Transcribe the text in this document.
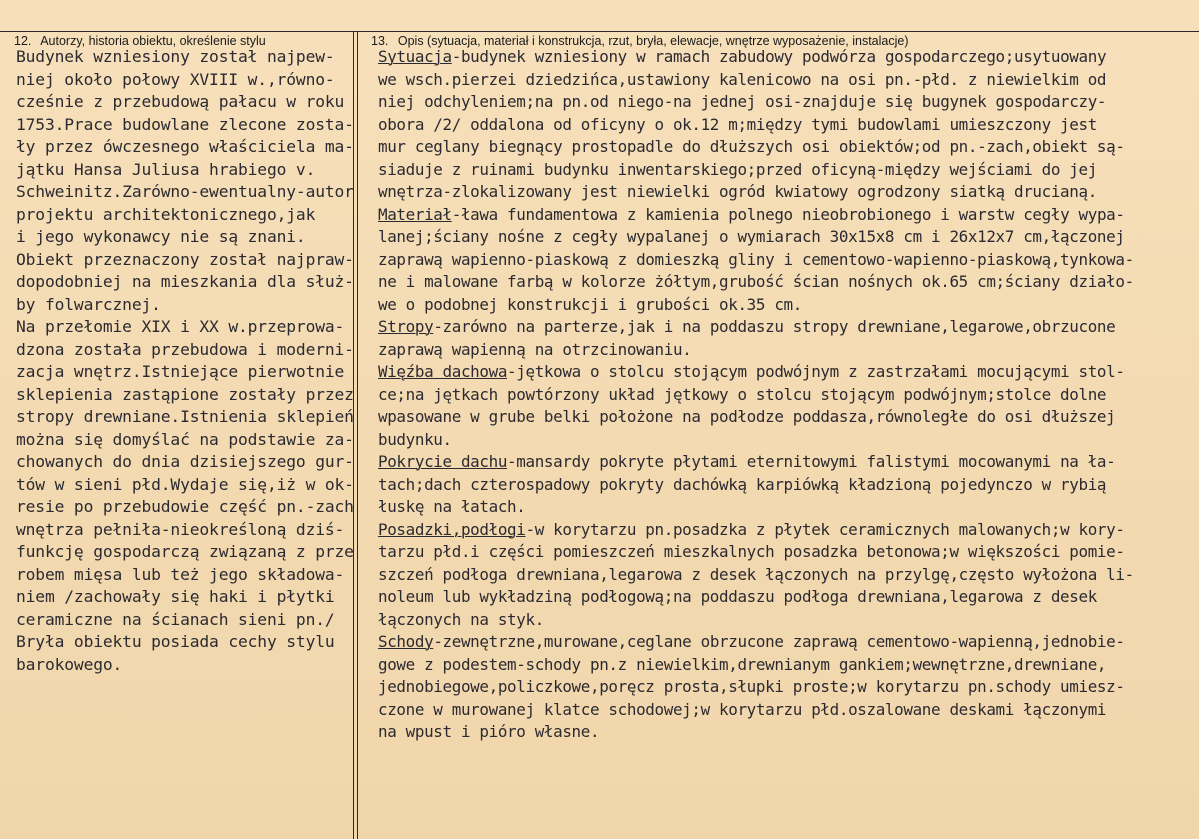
12. Autorzy, historia obiektu, określenie stylu	13. Opis (sytuacja, materiał i konstrukcja, rzut, bryła, elewacje, wnętrze wyposażenie, instalacje)
Budynek wzniesiony został najpew-
niej około połowy XVIII w.,równo-
cześnie z przebudową pałacu w roku
1753.Prace budowlane zlecone zosta-
ły przez ówczesnego właściciela ma-
jątku Hansa Juliusa hrabiego v.
Schweinitz.Zarówno-ewentualny-autor
projektu architektonicznego,jak
i jego wykonawcy nie są znani.
Obiekt przeznaczony został najpraw-
dopodobniej na mieszkania dla służ-
by folwarcznej.
Na przełomie XIX i XX w.przeprowa-
dzona została przebudowa i moderni-
zacja wnętrz.Istniejące pierwotnie
sklepienia zastąpione zostały przez
stropy drewniane.Istnienia sklepień
można się domyślać na podstawie za-
chowanych do dnia dzisiejszego gur-
tów w sieni płd.Wydaje się,iż w ok-
resie po przebudowie część pn.-zach
wnętrza pełniła-nieokreśloną dziś-
funkcję gospodarczą związaną z prze
robem mięsa lub też jego składowa-
niem /zachowały się haki i płytki
ceramiczne na ścianach sieni pn./
Bryła obiektu posiada cechy stylu
barokowego.
Sytuacja-budynek wzniesiony w ramach zabudowy podwórza gospodarczego;usytuowany
we wsch.pierzei dziedzińca,ustawiony kalenicowo na osi pn.-płd. z niewielkim od
niej odchyleniem;na pn.od niego-na jednej osi-znajduje się bugynek gospodarczy-
obora /2/ oddalona od oficyny o ok.12 m;między tymi budowlami umieszczony jest
mur ceglany biegnący prostopadle do dłuższych osi obiektów;od pn.-zach,obiekt są-
siaduje z ruinami budynku inwentarskiego;przed oficyną-między wejściami do jej
wnętrza-zlokalizowany jest niewielki ogród kwiatowy ogrodzony siatką drucianą.
Materiał-ława fundamentowa z kamienia polnego nieobrobionego i warstw cegły wypa-
lanej;ściany nośne z cegły wypalanej o wymiarach 30x15x8 cm i 26x12x7 cm,łączonej
zaprawą wapienno-piaskową z domieszką gliny i cementowo-wapienno-piaskową,tynkowa-
ne i malowane farbą w kolorze żółtym,grubość ścian nośnych ok.65 cm;ściany działo-
we o podobnej konstrukcji i grubości ok.35 cm.
Stropy-zarówno na parterze,jak i na poddaszu stropy drewniane,legarowe,obrzucone
zaprawą wapienną na otrzcinowaniu.
Więźba dachowa-jętkowa o stolcu stojącym podwójnym z zastrzałami mocującymi stol-
ce;na jętkach powtórzony układ jętkowy o stolcu stojącym podwójnym;stolce dolne
wpasowane w grube belki położone na podłodze poddasza,równoległe do osi dłuższej
budynku.
Pokrycie dachu-mansardy pokryte płytami eternitowymi falistymi mocowanymi na ła-
tach;dach czterospadowy pokryty dachówką karpiówką kładzioną pojedynczo w rybią
łuskę na łatach.
Posadzki,podłogi-w korytarzu pn.posadzka z płytek ceramicznych malowanych;w kory-
tarzu płd.i części pomieszczeń mieszkalnych posadzka betonowa;w większości pomie-
szczeń podłoga drewniana,legarowa z desek łączonych na przylgę,często wyłożona li-
noleum lub wykładziną podłogową;na poddaszu podłoga drewniana,legarowa z desek
łączonych na styk.
Schody-zewnętrzne,murowane,ceglane obrzucone zaprawą cementowo-wapienną,jednobie-
gowe z podestem-schody pn.z niewielkim,drewnianym gankiem;wewnętrzne,drewniane,
jednobiegowe,policzkowe,poręcz prosta,słupki proste;w korytarzu pn.schody umiesz-
czone w murowanej klatce schodowej;w korytarzu płd.oszalowane deskami łączonymi
na wpust i pióro własne.
